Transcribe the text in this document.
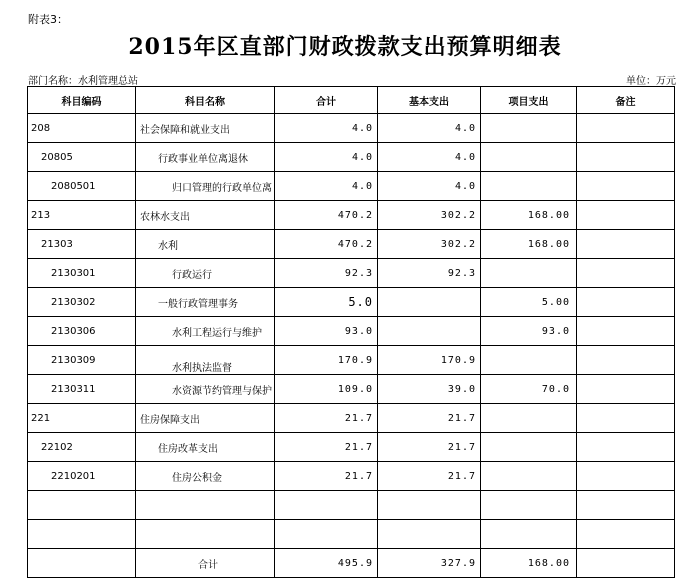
附表3：
2015年区直部门财政拨款支出预算明细表
部门名称：水利管理总站	单位：万元
科目编码	科目名称	合计	基本支出	项目支出	备注
208	社会保障和就业支出	4.0	4.0		
20805	行政事业单位离退休	4.0	4.0		
2080501	归口管理的行政单位离	4.0	4.0		
213	农林水支出	470.2	302.2	168.00	
21303	水利	470.2	302.2	168.00	
2130301	行政运行	92.3	92.3		
2130302	一般行政管理事务	5.0		5.00	
2130306	水利工程运行与维护	93.0		93.0	
2130309	水利执法监督	170.9	170.9		
2130311	水资源节约管理与保护	109.0	39.0	70.0	
221	住房保障支出	21.7	21.7		
22102	住房改革支出	21.7	21.7		
2210201	住房公积金	21.7	21.7		

	合计	495.9	327.9	168.00	
